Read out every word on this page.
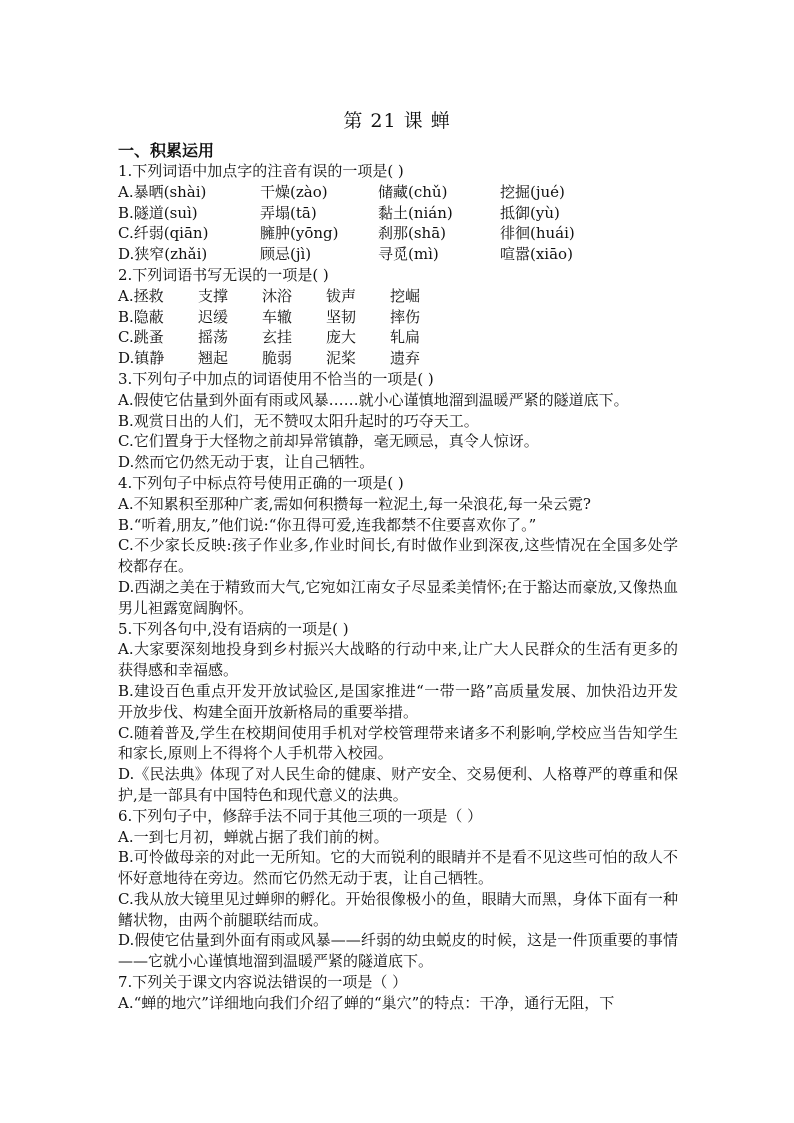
第 21 课 蝉
一、积累运用
1.下列词语中加点字的注音有误的一项是( )
A.暴晒(shài)	干燥(zào)	储藏(chǔ)	挖掘(jué)
B.隧道(suì)	弄塌(tā)	黏土(nián)	抵御(yù)
C.纤弱(qiān)	臃肿(yōng)	刹那(shā)	徘徊(huái)
D.狭窄(zhǎi)	顾忌(jì)	寻觅(mì)	喧嚣(xiāo)
2.下列词语书写无误的一项是( )
A.拯救	支撑	沐浴	钹声	挖崛
B.隐蔽	迟缓	车辙	坚韧	摔伤
C.跳蚤	摇荡	玄挂	庞大	轧扁
D.镇静	翘起	脆弱	泥桨	遗弃

3.下列句子中加点的词语使用不恰当的一项是( )

A.假使它估量到外面有雨或风暴……就小心谨慎地溜到温暖严紧的隧道底下。

B.观赏日出的人们，无不赞叹太阳升起时的巧夺天工。

C.它们置身于大怪物之前却异常镇静，毫无顾忌，真令人惊讶。

D.然而它仍然无动于衷，让自己牺牲。

4.下列句子中标点符号使用正确的一项是( )

A.不知累积至那种广袤,需如何积攒每一粒泥土,每一朵浪花,每一朵云霓?

B.“听着,朋友,”他们说:“你丑得可爱,连我都禁不住要喜欢你了。”

C.不少家长反映:孩子作业多,作业时间长,有时做作业到深夜,这些情况在全国多处学校都存在。

D.西湖之美在于精致而大气,它宛如江南女子尽显柔美情怀;在于豁达而豪放,又像热血男儿袒露宽阔胸怀。

5.下列各句中,没有语病的一项是( )

A.大家要深刻地投身到乡村振兴大战略的行动中来,让广大人民群众的生活有更多的获得感和幸福感。

B.建设百色重点开发开放试验区,是国家推进“一带一路”高质量发展、加快沿边开发开放步伐、构建全面开放新格局的重要举措。

C.随着普及,学生在校期间使用手机对学校管理带来诸多不利影响,学校应当告知学生和家长,原则上不得将个人手机带入校园。

D.《民法典》体现了对人民生命的健康、财产安全、交易便利、人格尊严的尊重和保护,是一部具有中国特色和现代意义的法典。

6.下列句子中，修辞手法不同于其他三项的一项是（ ）

A.一到七月初，蝉就占据了我们前的树。

B.可怜做母亲的对此一无所知。它的大而锐利的眼睛并不是看不见这些可怕的敌人不怀好意地待在旁边。然而它仍然无动于衷，让自己牺牲。

C.我从放大镜里见过蝉卵的孵化。开始很像极小的鱼，眼睛大而黑，身体下面有一种鳍状物，由两个前腿联结而成。

D.假使它估量到外面有雨或风暴——纤弱的幼虫蜕皮的时候，这是一件顶重要的事情——它就小心谨慎地溜到温暖严紧的隧道底下。

7.下列关于课文内容说法错误的一项是（ ）

A.“蝉的地穴”详细地向我们介绍了蝉的“巢穴”的特点：干净，通行无阻，下
